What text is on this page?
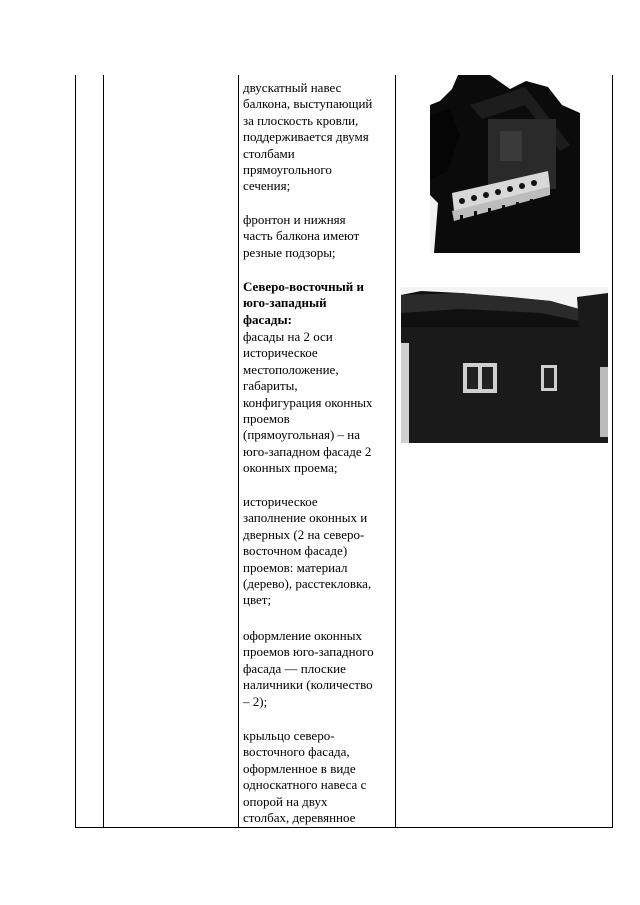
двускатный навес
балкона, выступающий
за плоскость кровли,
поддерживается двумя
столбами
прямоугольного
сечения;
фронтон и нижняя
часть балкона имеют
резные подзоры;
Северо-восточный и
юго-западный
фасады:
фасады на 2 оси
историческое
местоположение,
габариты,
конфигурация оконных
проемов
(прямоугольная) – на
юго-западном фасаде 2
оконных проема;
историческое
заполнение оконных и
дверных (2 на северо-
восточном фасаде)
проемов: материал
(дерево), расстекловка,
цвет;
оформление оконных
проемов юго-западного
фасада — плоские
наличники (количество
– 2);
крыльцо северо-
восточного фасада,
оформленное в виде
односкатного навеса с
опорой на двух
столбах, деревянное
